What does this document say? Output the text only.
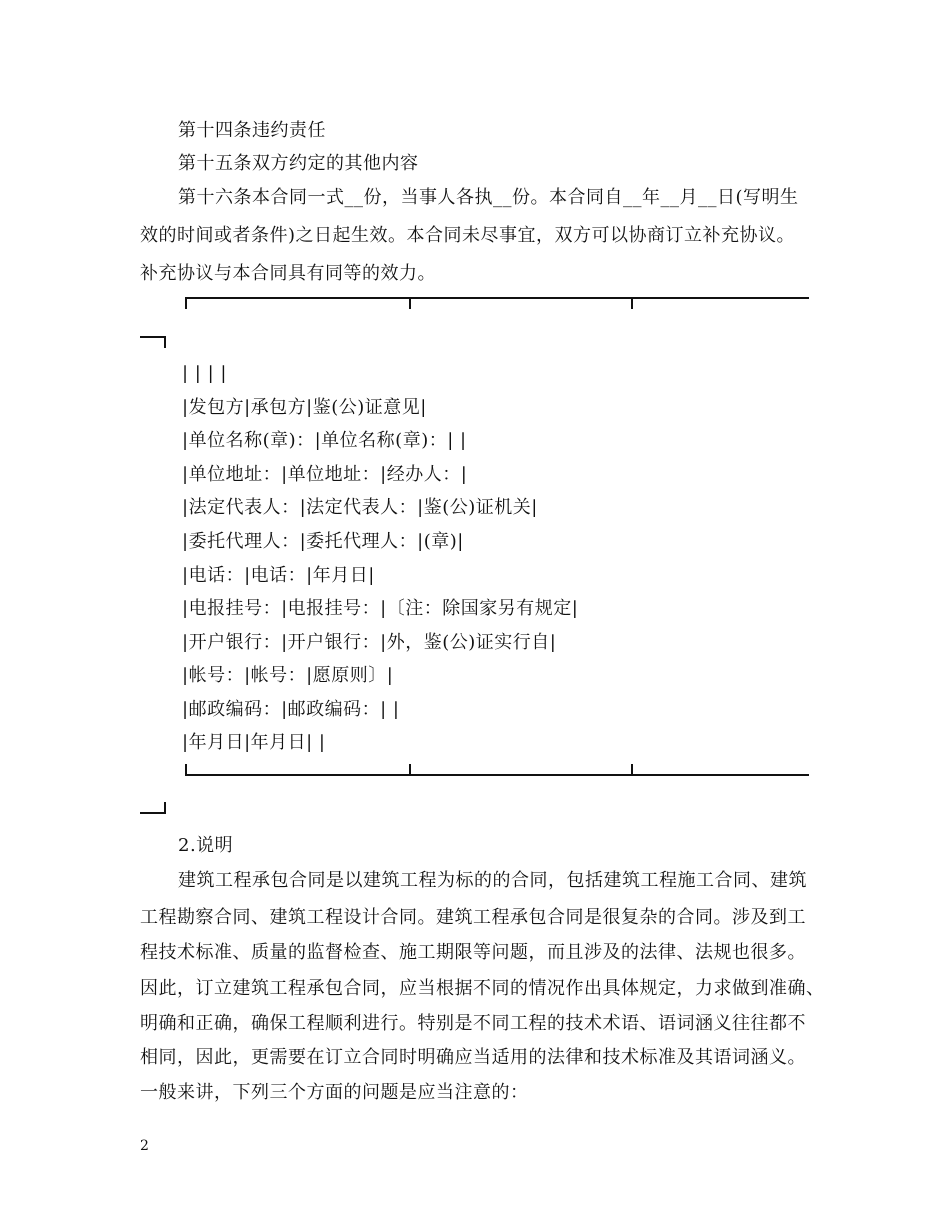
第十四条违约责任
第十五条双方约定的其他内容
第十六条本合同一式__份，当事人各执__份。本合同自__年__月__日(写明生
效的时间或者条件)之日起生效。本合同未尽事宜，双方可以协商订立补充协议。
补充协议与本合同具有同等的效力。
| | | |
|发包方|承包方|鉴(公)证意见|
|单位名称(章)：|单位名称(章)：| |
|单位地址：|单位地址：|经办人：|
|法定代表人：|法定代表人：|鉴(公)证机关|
|委托代理人：|委托代理人：|(章)|
|电话：|电话：|年月日|
|电报挂号：|电报挂号：|〔注：除国家另有规定|
|开户银行：|开户银行：|外，鉴(公)证实行自|
|帐号：|帐号：|愿原则〕|
|邮政编码：|邮政编码：| |
|年月日|年月日| |
2.说明
建筑工程承包合同是以建筑工程为标的的合同，包括建筑工程施工合同、建筑
工程勘察合同、建筑工程设计合同。建筑工程承包合同是很复杂的合同。涉及到工
程技术标准、质量的监督检查、施工期限等问题，而且涉及的法律、法规也很多。
因此，订立建筑工程承包合同，应当根据不同的情况作出具体规定，力求做到准确、
明确和正确，确保工程顺利进行。特别是不同工程的技术术语、语词涵义往往都不
相同，因此，更需要在订立合同时明确应当适用的法律和技术标准及其语词涵义。
一般来讲，下列三个方面的问题是应当注意的：
2
